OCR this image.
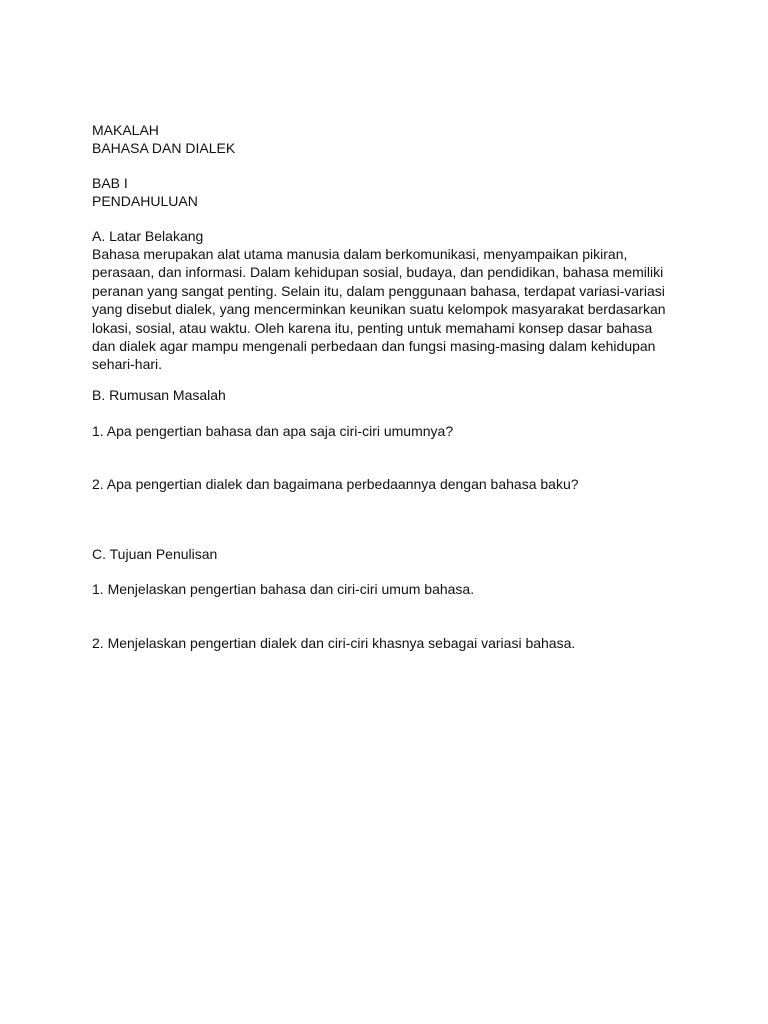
MAKALAH
BAHASA DAN DIALEK
BAB I
PENDAHULUAN
A. Latar Belakang
Bahasa merupakan alat utama manusia dalam berkomunikasi, menyampaikan pikiran,
perasaan, dan informasi. Dalam kehidupan sosial, budaya, dan pendidikan, bahasa memiliki
peranan yang sangat penting. Selain itu, dalam penggunaan bahasa, terdapat variasi-variasi
yang disebut dialek, yang mencerminkan keunikan suatu kelompok masyarakat berdasarkan
lokasi, sosial, atau waktu. Oleh karena itu, penting untuk memahami konsep dasar bahasa
dan dialek agar mampu mengenali perbedaan dan fungsi masing-masing dalam kehidupan
sehari-hari.
B. Rumusan Masalah
1. Apa pengertian bahasa dan apa saja ciri-ciri umumnya?
2. Apa pengertian dialek dan bagaimana perbedaannya dengan bahasa baku?
C. Tujuan Penulisan
1. Menjelaskan pengertian bahasa dan ciri-ciri umum bahasa.
2. Menjelaskan pengertian dialek dan ciri-ciri khasnya sebagai variasi bahasa.
